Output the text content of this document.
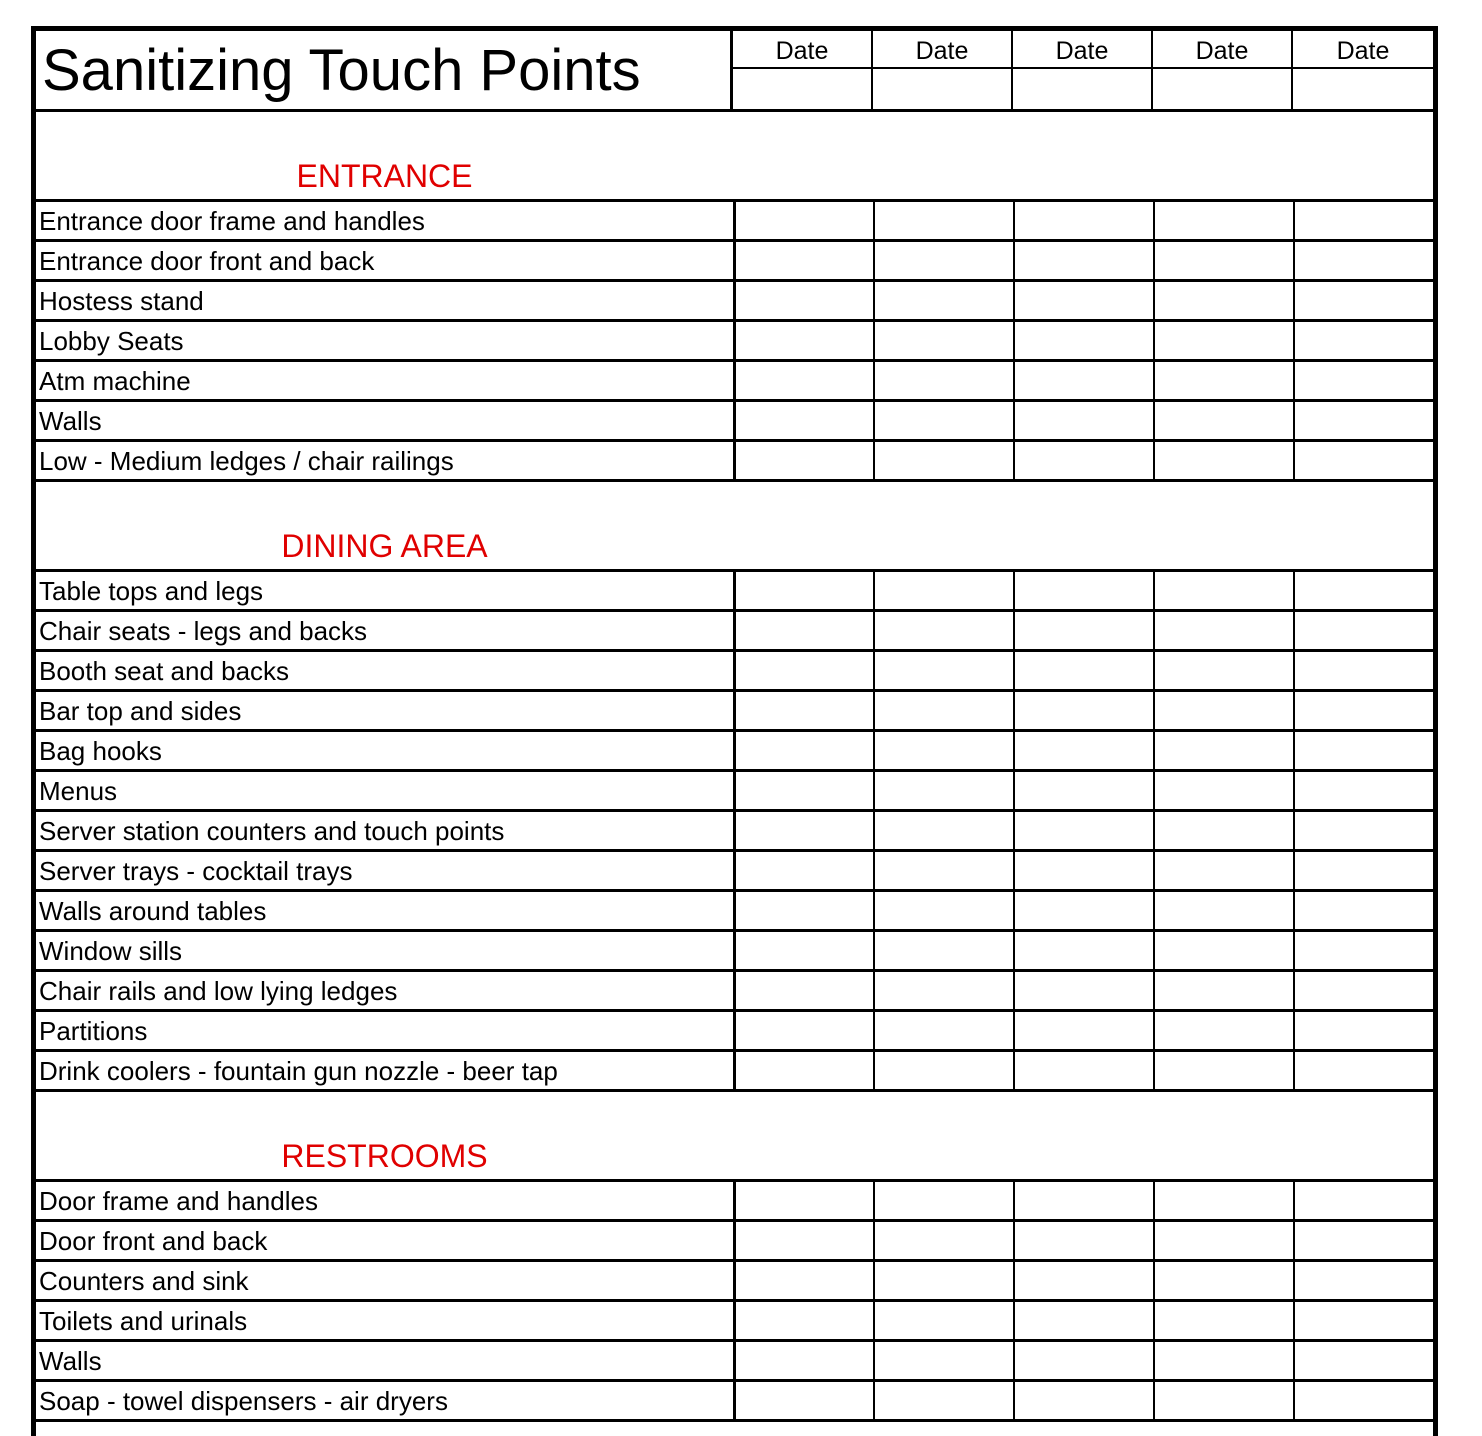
Sanitizing Touch Points	Date	Date	Date	Date	Date
ENTRANCE
Entrance door frame and handles
Entrance door front and back
Hostess stand
Lobby Seats
Atm machine
Walls
Low - Medium ledges / chair railings
DINING AREA
Table tops and legs
Chair seats - legs and backs
Booth seat and backs
Bar top and sides
Bag hooks
Menus
Server station counters and touch points
Server trays - cocktail trays
Walls around tables
Window sills
Chair rails and low lying ledges
Partitions
Drink coolers - fountain gun nozzle - beer tap
RESTROOMS
Door frame and handles
Door front and back
Counters and sink
Toilets and urinals
Walls
Soap - towel dispensers - air dryers
